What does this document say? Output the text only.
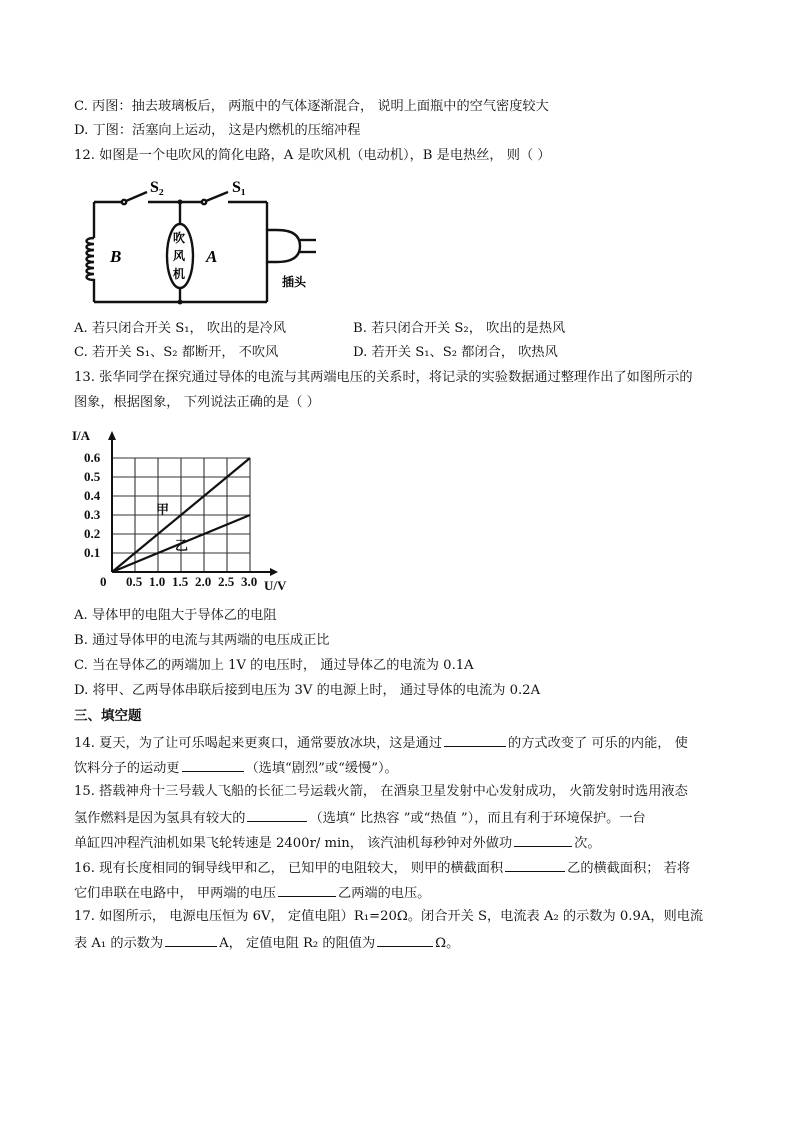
C. 丙图：抽去玻璃板后， 两瓶中的气体逐渐混合， 说明上面瓶中的空气密度较大
D. 丁图：活塞向上运动， 这是内燃机的压缩冲程
12. 如图是一个电吹风的简化电路，A 是吹风机（电动机），B 是电热丝， 则（ ）
S₂	S₁
B	A
吹
风
机
插头
A. 若只闭合开关 S₁， 吹出的是冷风	B. 若只闭合开关 S₂， 吹出的是热风
C. 若开关 S₁、S₂ 都断开， 不吹风	D. 若开关 S₁、S₂ 都闭合， 吹热风
13. 张华同学在探究通过导体的电流与其两端电压的关系时，将记录的实验数据通过整理作出了如图所示的
图象，根据图象， 下列说法正确的是（ ）
0.5 1.0 1.5 2.0 2.5 3.0
0.1
0.2
0.3
0.4
0.5
0.6
0	U/V
I/A
甲
乙
A. 导体甲的电阻大于导体乙的电阻
B. 通过导体甲的电流与其两端的电压成正比
C. 当在导体乙的两端加上 1V 的电压时， 通过导体乙的电流为 0.1A
D. 将甲、乙两导体串联后接到电压为 3V 的电源上时， 通过导体的电流为 0.2A
三、填空题
14. 夏天，为了让可乐喝起来更爽口，通常要放冰块，这是通过	的方式改变了 可乐的内能， 使
饮料分子的运动更	（选填“剧烈”或“缓慢”）。
15. 搭载神舟十三号载人飞船的长征二号运载火箭， 在酒泉卫星发射中心发射成功， 火箭发射时选用液态
氢作燃料是因为氢具有较大的	（选填“ 比热容 ”或“热值 ”），而且有利于环境保护。一台
单缸四冲程汽油机如果飞轮转速是 2400r/ min， 该汽油机每秒钟对外做功	次。
16. 现有长度相同的铜导线甲和乙， 已知甲的电阻较大， 则甲的横截面积	乙的横截面积； 若将
它们串联在电路中， 甲两端的电压	乙两端的电压。
17. 如图所示， 电源电压恒为 6V， 定值电阻）R₁=20Ω。闭合开关 S，电流表 A₂ 的示数为 0.9A，则电流
表 A₁ 的示数为	A， 定值电阻 R₂ 的阻值为	Ω。
